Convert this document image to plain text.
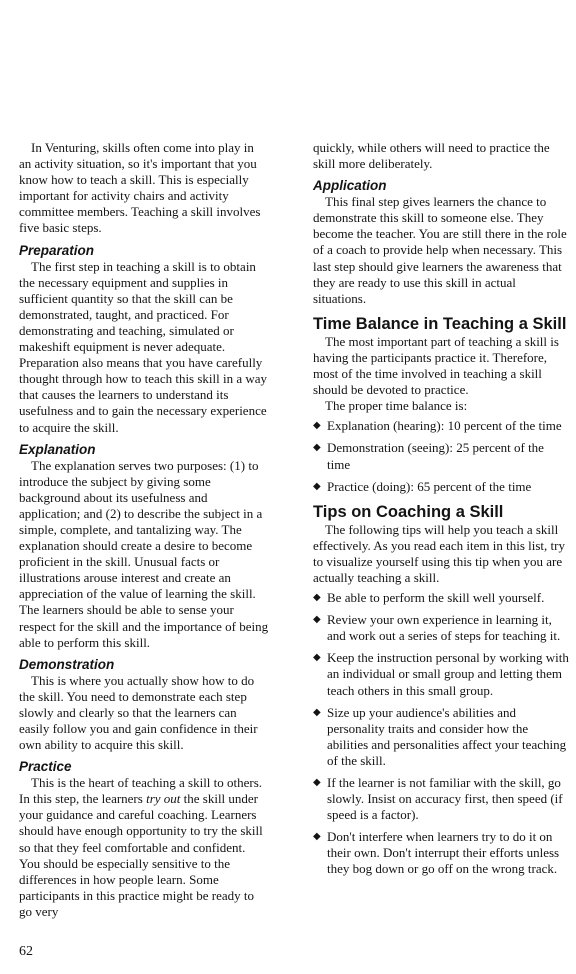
In Venturing, skills often come into play in an activity situation, so it's important that you know how to teach a skill. This is especially important for activity chairs and activity committee members. Teaching a skill involves five basic steps.

Preparation

The first step in teaching a skill is to obtain the necessary equipment and supplies in sufficient quantity so that the skill can be demonstrated, taught, and practiced. For demonstrating and teaching, simulated or makeshift equipment is never adequate. Preparation also means that you have carefully thought through how to teach this skill in a way that causes the learners to understand its usefulness and to gain the necessary experience to acquire the skill.

Explanation

The explanation serves two purposes: (1) to introduce the subject by giving some background about its usefulness and application; and (2) to describe the subject in a simple, complete, and tantalizing way. The explanation should create a desire to become proficient in the skill. Unusual facts or illustrations arouse interest and create an appreciation of the value of learning the skill. The learners should be able to sense your respect for the skill and the importance of being able to perform this skill.

Demonstration

This is where you actually show how to do the skill. You need to demonstrate each step slowly and clearly so that the learners can easily follow you and gain confidence in their own ability to acquire this skill.

Practice

This is the heart of teaching a skill to others. In this step, the learners try out the skill under your guidance and careful coaching. Learners should have enough opportunity to try the skill so that they feel comfortable and confident. You should be especially sensitive to the differences in how people learn. Some participants in this practice might be ready to go very

quickly, while others will need to practice the skill more deliberately.

Application

This final step gives learners the chance to demonstrate this skill to someone else. They become the teacher. You are still there in the role of a coach to provide help when necessary. This last step should give learners the awareness that they are ready to use this skill in actual situations.

Time Balance in Teaching a Skill

The most important part of teaching a skill is having the participants practice it. Therefore, most of the time involved in teaching a skill should be devoted to practice.

The proper time balance is:

◆ Explanation (hearing): 10 percent of the time
◆ Demonstration (seeing): 25 percent of the time
◆ Practice (doing): 65 percent of the time
Tips on Coaching a Skill

The following tips will help you teach a skill effectively. As you read each item in this list, try to visualize yourself using this tip when you are actually teaching a skill.

◆ Be able to perform the skill well yourself.
◆ Review your own experience in learning it, and work out a series of steps for teaching it.
◆ Keep the instruction personal by working with an individual or small group and letting them teach others in this small group.
◆ Size up your audience's abilities and personality traits and consider how the abilities and personalities affect your teaching of the skill.
◆ If the learner is not familiar with the skill, go slowly. Insist on accuracy first, then speed (if speed is a factor).
◆ Don't interfere when learners try to do it on their own. Don't interrupt their efforts unless they bog down or go off on the wrong track.
62
